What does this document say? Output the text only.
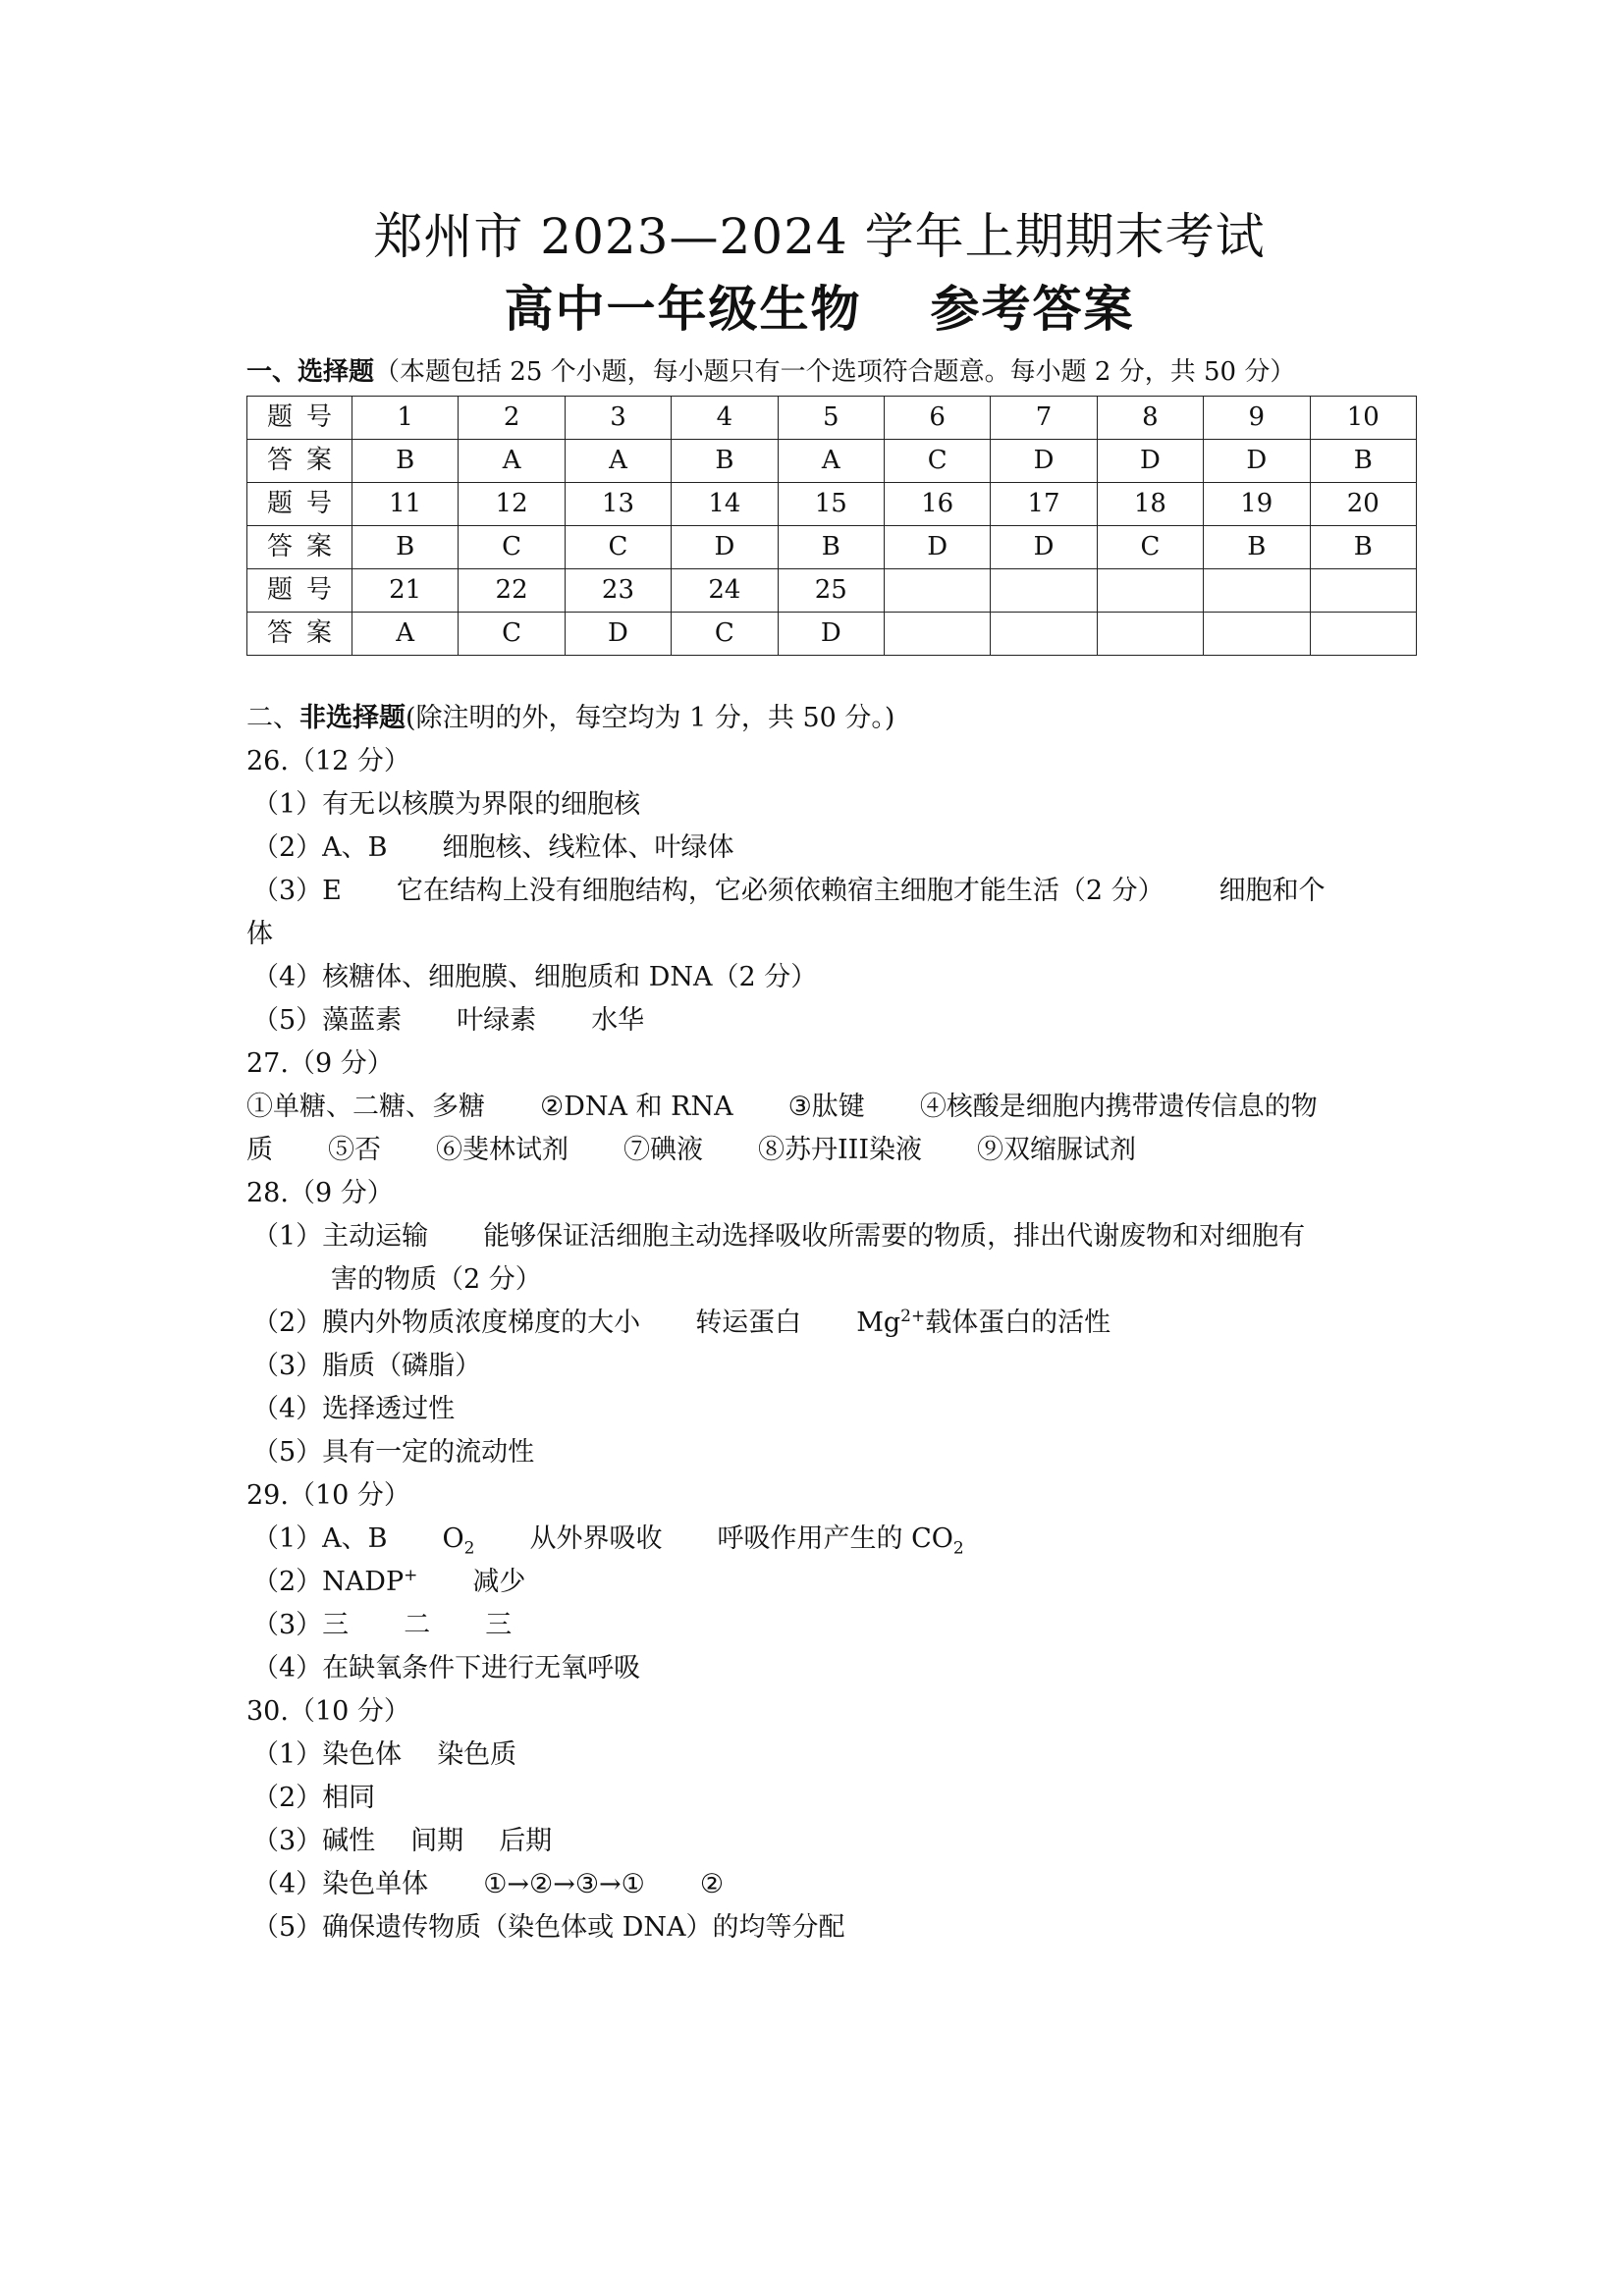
郑州市 2023—2024 学年上期期末考试
高中一年级生物 参考答案

一、选择题（本题包括 25 个小题，每小题只有一个选项符合题意。每小题 2 分，共 50 分）

题号	1	2	3	4	5	6	7	8	9	10
答案	B	A	A	B	A	C	D	D	D	B
题号	11	12	13	14	15	16	17	18	19	20
答案	B	C	C	D	B	D	D	C	B	B
题号	21	22	23	24	25					
答案	A	C	D	C	D					

二、非选择题(除注明的外，每空均为 1 分，共 50 分。)

26.（12 分）

（1）有无以核膜为界限的细胞核

（2）A、B 细胞核、线粒体、叶绿体

（3）E 它在结构上没有细胞结构，它必须依赖宿主细胞才能生活（2 分） 细胞和个

体

（4）核糖体、细胞膜、细胞质和 DNA（2 分）

（5）藻蓝素 叶绿素 水华

27.（9 分）

①单糖、二糖、多糖 ②DNA 和 RNA ③肽键 ④核酸是细胞内携带遗传信息的物

质 ⑤否 ⑥斐林试剂 ⑦碘液 ⑧苏丹III染液 ⑨双缩脲试剂

28.（9 分）

（1）主动运输 能够保证活细胞主动选择吸收所需要的物质，排出代谢废物和对细胞有

害的物质（2 分）

（2）膜内外物质浓度梯度的大小 转运蛋白 $Mg^{2+}$载体蛋白的活性

（3）脂质（磷脂）

（4）选择透过性

（5）具有一定的流动性

29.（10 分）

（1）A、B $O_2$ 从外界吸收 呼吸作用产生的 $CO_2$

（2）NADP+ 减少

（3）三 二 三

（4）在缺氧条件下进行无氧呼吸

30.（10 分）

（1）染色体 染色质

（2）相同

（3）碱性 间期 后期

（4）染色单体 ①→②→③→① ②

（5）确保遗传物质（染色体或 DNA）的均等分配
